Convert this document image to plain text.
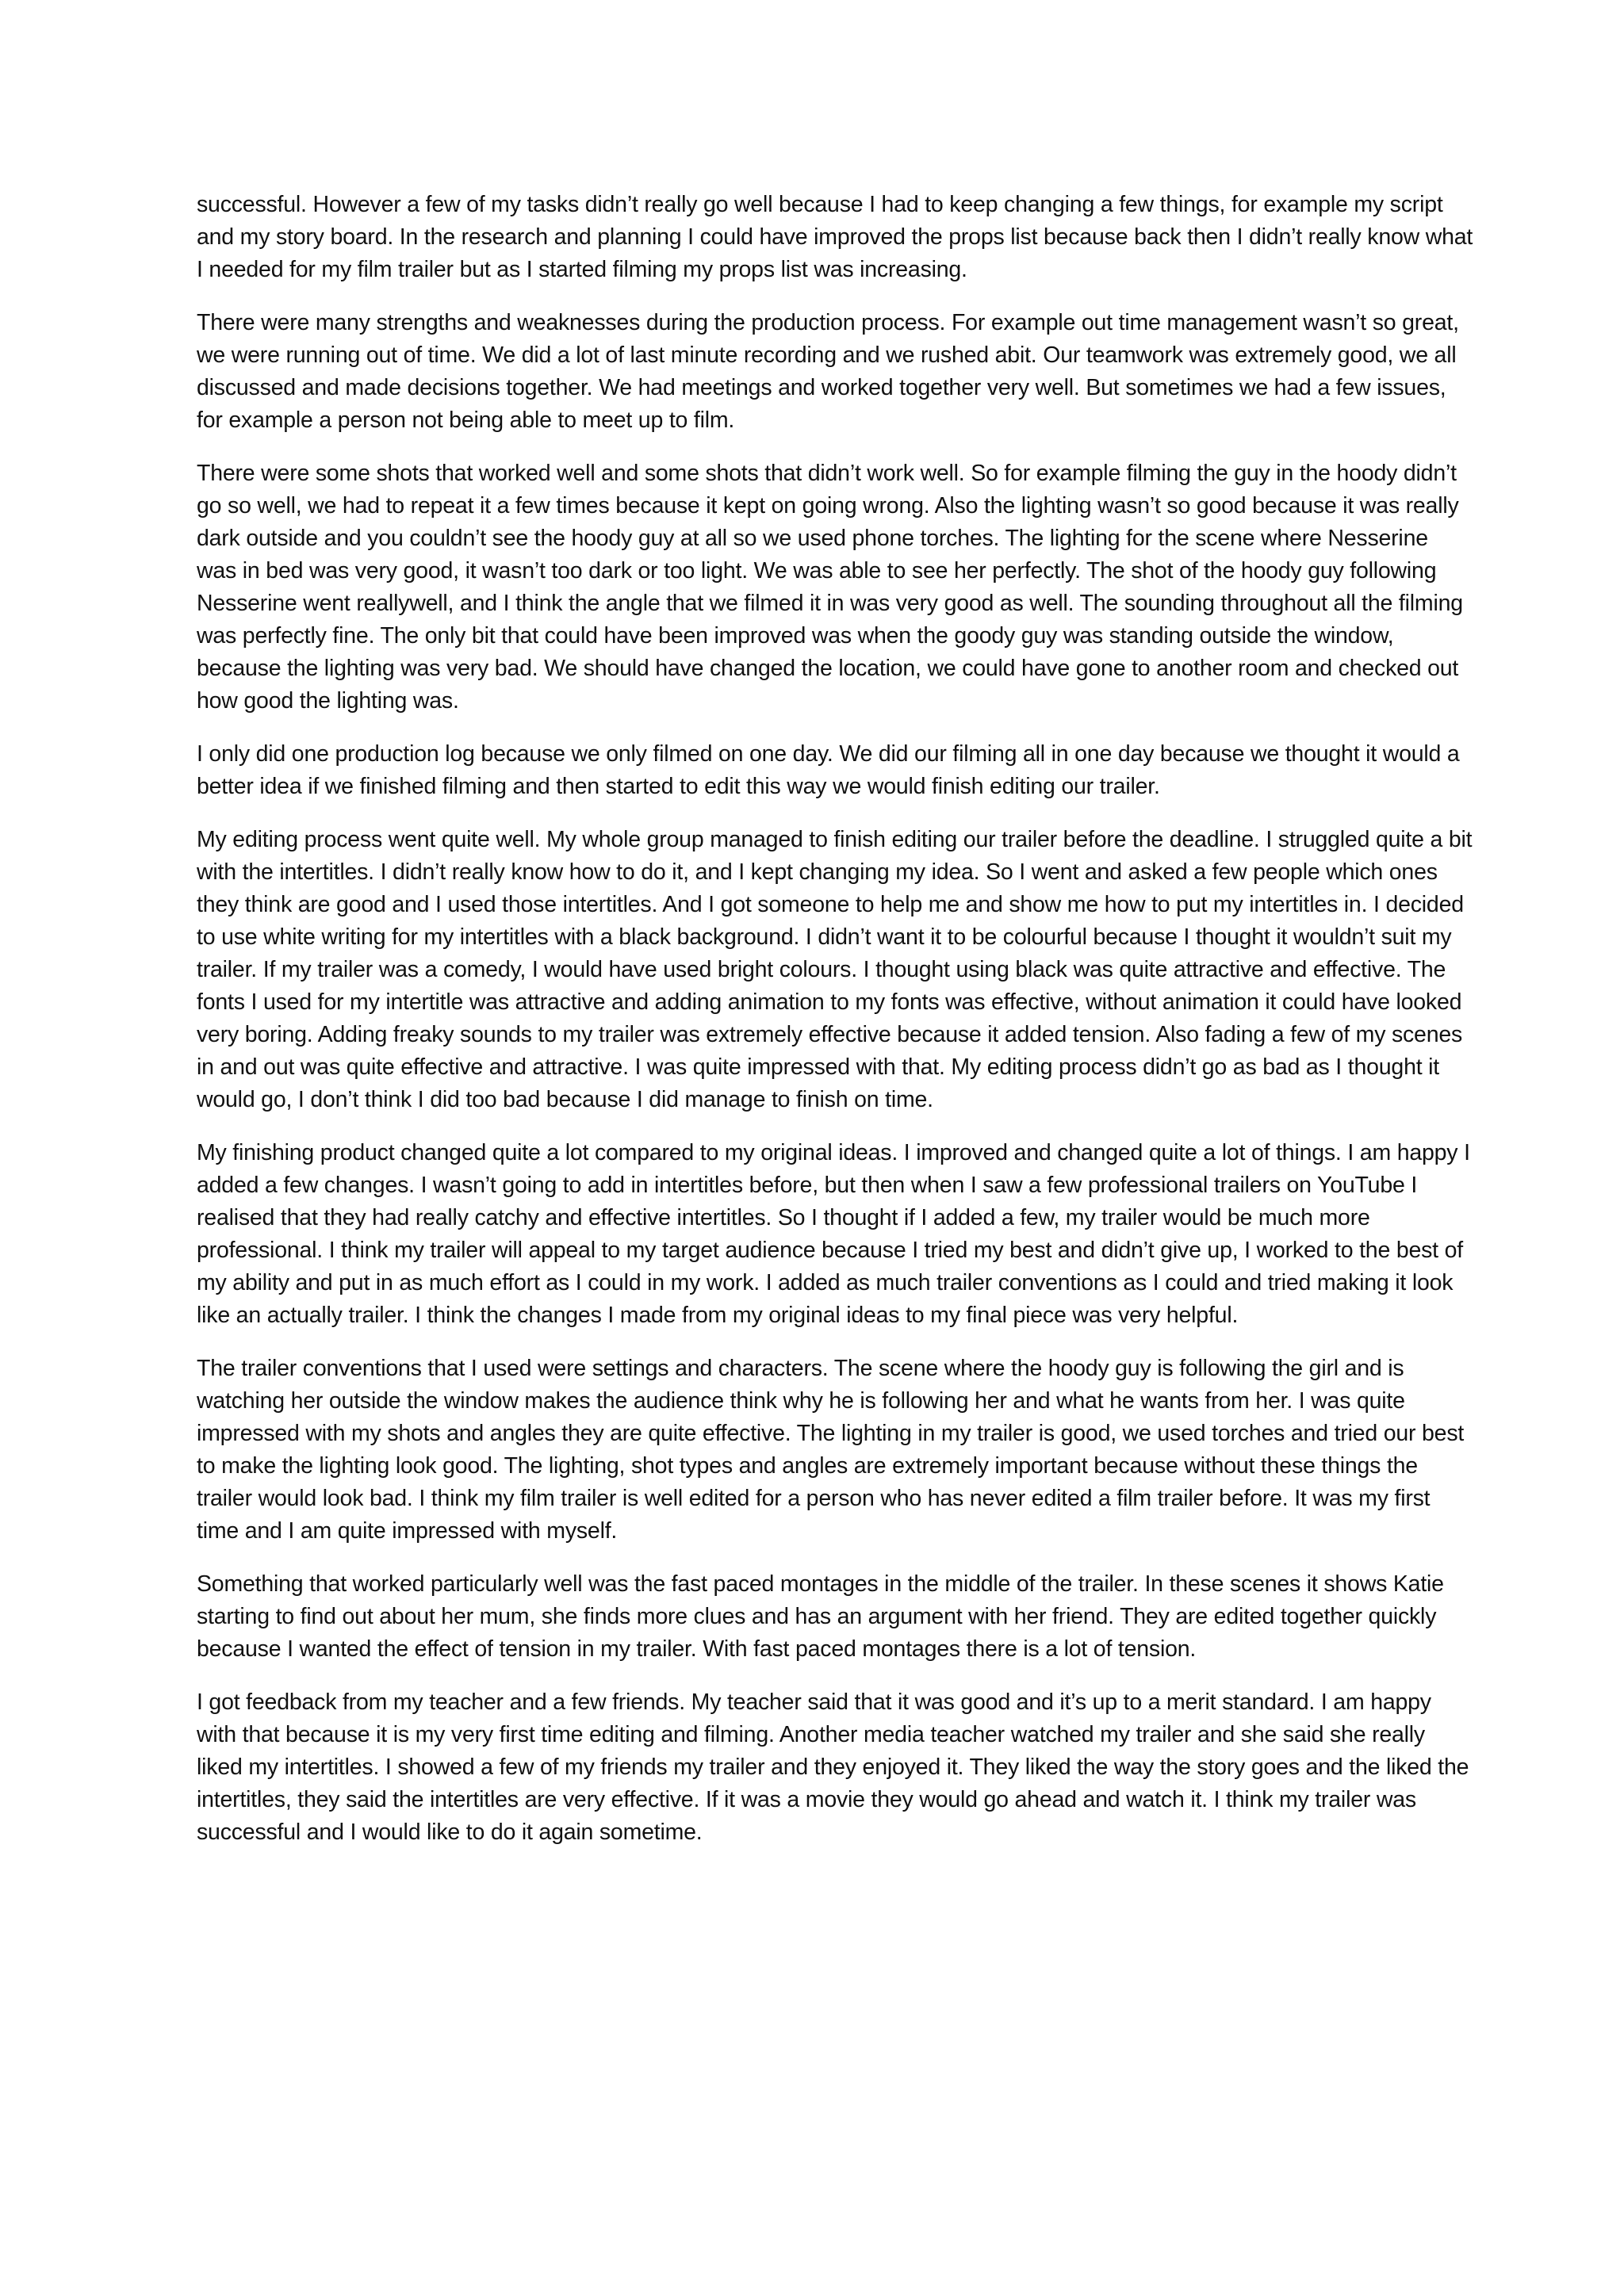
successful. However a few of my tasks didn’t really go well because I had to keep changing a few things, for example my script and my story board. In the research and planning I could have improved the props list because back then I didn’t really know what I needed for my film trailer but as I started filming my props list was increasing.

There were many strengths and weaknesses during the production process. For example out time management wasn’t so great, we were running out of time. We did a lot of last minute recording and we rushed abit. Our teamwork was extremely good, we all discussed and made decisions together. We had meetings and worked together very well. But sometimes we had a few issues, for example a person not being able to meet up to film.

There were some shots that worked well and some shots that didn’t work well. So for example filming the guy in the hoody didn’t go so well, we had to repeat it a few times because it kept on going wrong. Also the lighting wasn’t so good because it was really dark outside and you couldn’t see the hoody guy at all so we used phone torches. The lighting for the scene where Nesserine was in bed was very good, it wasn’t too dark or too light. We was able to see her perfectly. The shot of the hoody guy following Nesserine went reallywell, and I think the angle that we filmed it in was very good as well. The sounding throughout all the filming was perfectly fine. The only bit that could have been improved was when the goody guy was standing outside the window, because the lighting was very bad. We should have changed the location, we could have gone to another room and checked out how good the lighting was.

I only did one production log because we only filmed on one day. We did our filming all in one day because we thought it would a better idea if we finished filming and then started to edit this way we would finish editing our trailer.

My editing process went quite well. My whole group managed to finish editing our trailer before the deadline. I struggled quite a bit with the intertitles. I didn’t really know how to do it, and I kept changing my idea. So I went and asked a few people which ones they think are good and I used those intertitles. And I got someone to help me and show me how to put my intertitles in. I decided to use white writing for my intertitles with a black background. I didn’t want it to be colourful because I thought it wouldn’t suit my trailer. If my trailer was a comedy, I would have used bright colours. I thought using black was quite attractive and effective. The fonts I used for my intertitle was attractive and adding animation to my fonts was effective, without animation it could have looked very boring. Adding freaky sounds to my trailer was extremely effective because it added tension. Also fading a few of my scenes in and out was quite effective and attractive. I was quite impressed with that. My editing process didn’t go as bad as I thought it would go, I don’t think I did too bad because I did manage to finish on time.

My finishing product changed quite a lot compared to my original ideas. I improved and changed quite a lot of things. I am happy I added a few changes. I wasn’t going to add in intertitles before, but then when I saw a few professional trailers on YouTube I realised that they had really catchy and effective intertitles. So I thought if I added a few, my trailer would be much more professional. I think my trailer will appeal to my target audience because I tried my best and didn’t give up, I worked to the best of my ability and put in as much effort as I could in my work. I added as much trailer conventions as I could and tried making it look like an actually trailer. I think the changes I made from my original ideas to my final piece was very helpful.

The trailer conventions that I used were settings and characters. The scene where the hoody guy is following the girl and is watching her outside the window makes the audience think why he is following her and what he wants from her. I was quite impressed with my shots and angles they are quite effective. The lighting in my trailer is good, we used torches and tried our best to make the lighting look good. The lighting, shot types and angles are extremely important because without these things the trailer would look bad. I think my film trailer is well edited for a person who has never edited a film trailer before. It was my first time and I am quite impressed with myself.

Something that worked particularly well was the fast paced montages in the middle of the trailer. In these scenes it shows Katie starting to find out about her mum, she finds more clues and has an argument with her friend. They are edited together quickly because I wanted the effect of tension in my trailer. With fast paced montages there is a lot of tension.

I got feedback from my teacher and a few friends. My teacher said that it was good and it’s up to a merit standard. I am happy with that because it is my very first time editing and filming. Another media teacher watched my trailer and she said she really liked my intertitles. I showed a few of my friends my trailer and they enjoyed it. They liked the way the story goes and the liked the intertitles, they said the intertitles are very effective. If it was a movie they would go ahead and watch it. I think my trailer was successful and I would like to do it again sometime.
